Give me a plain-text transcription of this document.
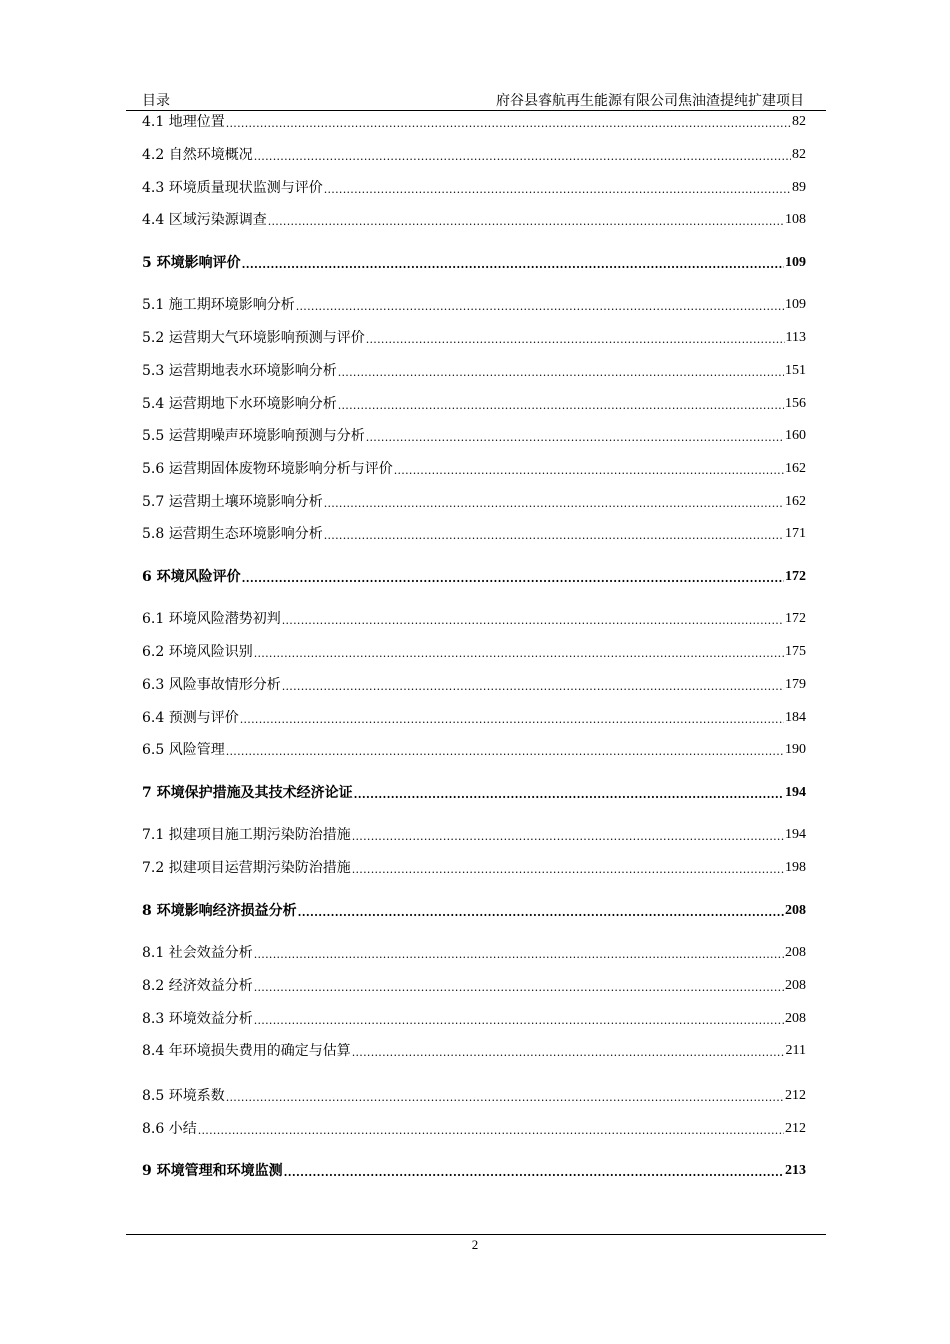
目录	府谷县睿航再生能源有限公司焦油渣提纯扩建项目
4.1 地理位置 .....	82
4.2 自然环境概况 .....	82
4.3 环境质量现状监测与评价 .....	89
4.4 区域污染源调查 .....	108
5 环境影响评价 .....	109
5.1 施工期环境影响分析 .....	109
5.2 运营期大气环境影响预测与评价 .....	113
5.3 运营期地表水环境影响分析 .....	151
5.4 运营期地下水环境影响分析 .....	156
5.5 运营期噪声环境影响预测与分析 .....	160
5.6 运营期固体废物环境影响分析与评价 .....	162
5.7 运营期土壤环境影响分析 .....	162
5.8 运营期生态环境影响分析 .....	171
6 环境风险评价 .....	172
6.1 环境风险潜势初判 .....	172
6.2 环境风险识别 .....	175
6.3 风险事故情形分析 .....	179
6.4 预测与评价 .....	184
6.5 风险管理 .....	190
7 环境保护措施及其技术经济论证 .....	194
7.1 拟建项目施工期污染防治措施 .....	194
7.2 拟建项目运营期污染防治措施 .....	198
8 环境影响经济损益分析 .....	208
8.1 社会效益分析 .....	208
8.2 经济效益分析 .....	208
8.3 环境效益分析 .....	208
8.4 年环境损失费用的确定与估算 .....	211
8.5 环境系数 .....	212
8.6 小结 .....	212
9 环境管理和环境监测 .....	213
2
